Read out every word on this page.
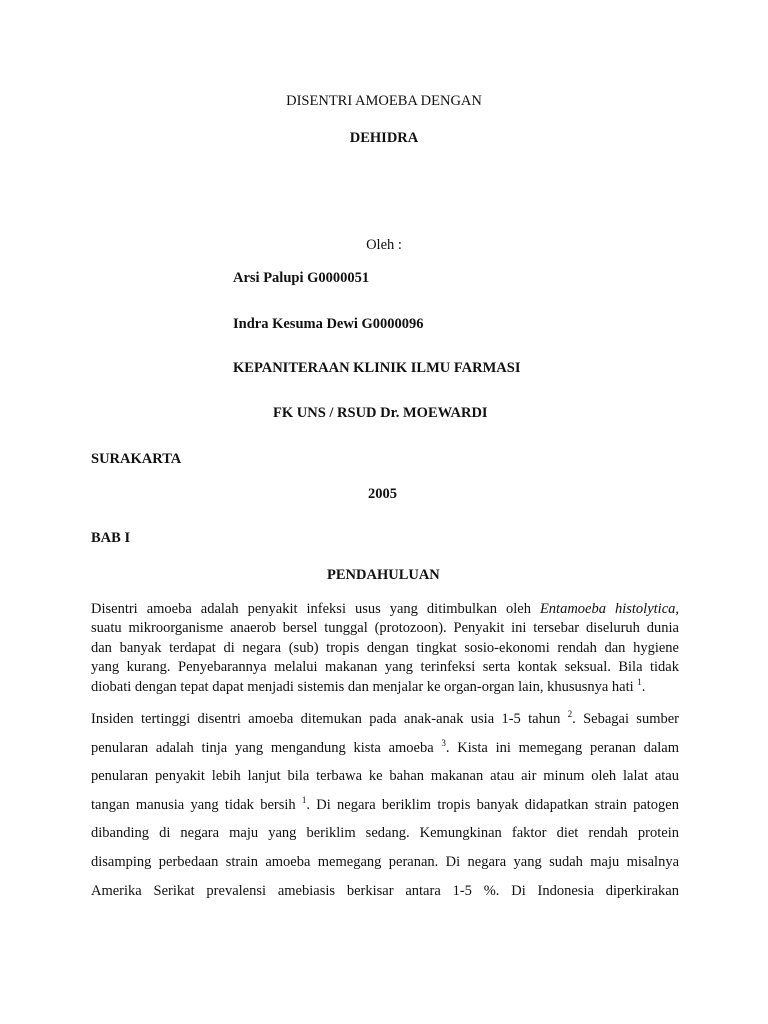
DISENTRI AMOEBA DENGAN
DEHIDRA
Oleh :
Arsi Palupi G0000051
Indra Kesuma Dewi G0000096
KEPANITERAAN KLINIK ILMU FARMASI
FK UNS / RSUD Dr. MOEWARDI
SURAKARTA
2005
BAB I
PENDAHULUAN
Disentri amoeba adalah penyakit infeksi usus yang ditimbulkan oleh Entamoeba histolytica,
suatu mikroorganisme anaerob bersel tunggal (protozoon). Penyakit ini tersebar diseluruh dunia
dan banyak terdapat di negara (sub) tropis dengan tingkat sosio-ekonomi rendah dan hygiene
yang kurang. Penyebarannya melalui makanan yang terinfeksi serta kontak seksual. Bila tidak
diobati dengan tepat dapat menjadi sistemis dan menjalar ke organ-organ lain, khususnya hati $^1$.
Insiden tertinggi disentri amoeba ditemukan pada anak-anak usia 1-5 tahun $^2$. Sebagai sumber
penularan adalah tinja yang mengandung kista amoeba $^3$. Kista ini memegang peranan dalam
penularan penyakit lebih lanjut bila terbawa ke bahan makanan atau air minum oleh lalat atau
tangan manusia yang tidak bersih $^1$. Di negara beriklim tropis banyak didapatkan strain patogen
dibanding di negara maju yang beriklim sedang. Kemungkinan faktor diet rendah protein
disamping perbedaan strain amoeba memegang peranan. Di negara yang sudah maju misalnya
Amerika Serikat prevalensi amebiasis berkisar antara 1-5 %. Di Indonesia diperkirakan
